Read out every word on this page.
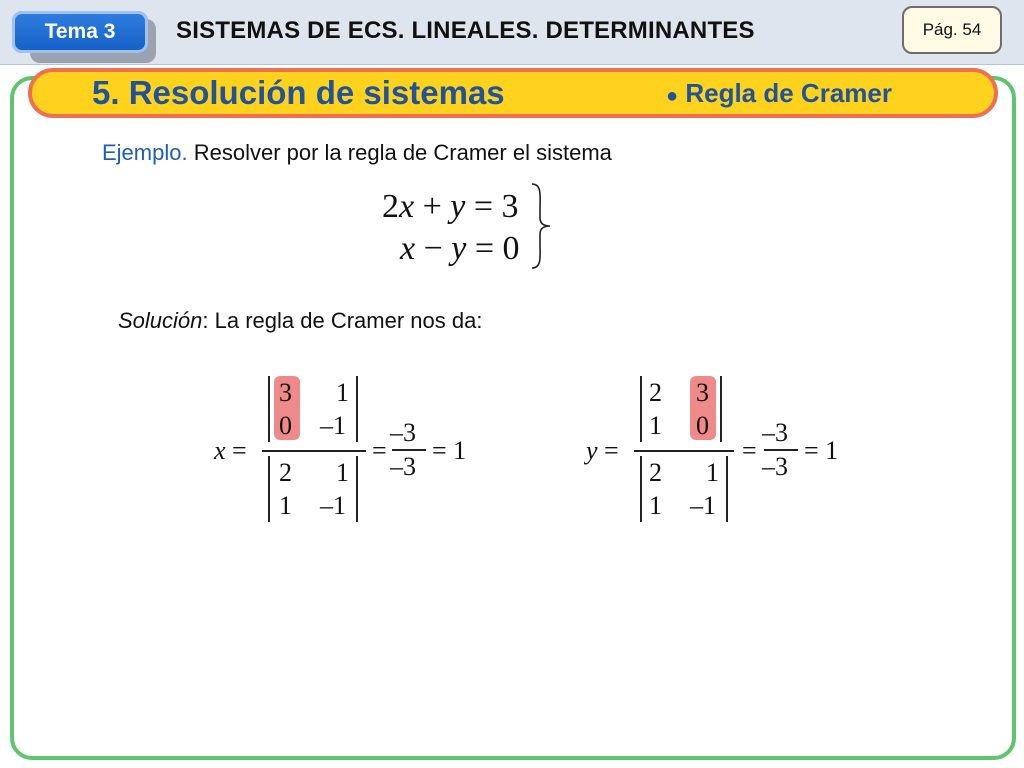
Tema 3	SISTEMAS DE ECS. LINEALES. DETERMINANTES	Pág. 54
5. Resolución de sistemas	● Regla de Cramer
Ejemplo. Resolver por la regla de Cramer el sistema
2x + y = 3
x − y = 0
Solución: La regla de Cramer nos da:
x =
3 1
0 –1
2 1
1 –1
=
–3
–3
= 1	y =
2 3
1 0
2 1
1 –1
=
–3
–3
= 1
